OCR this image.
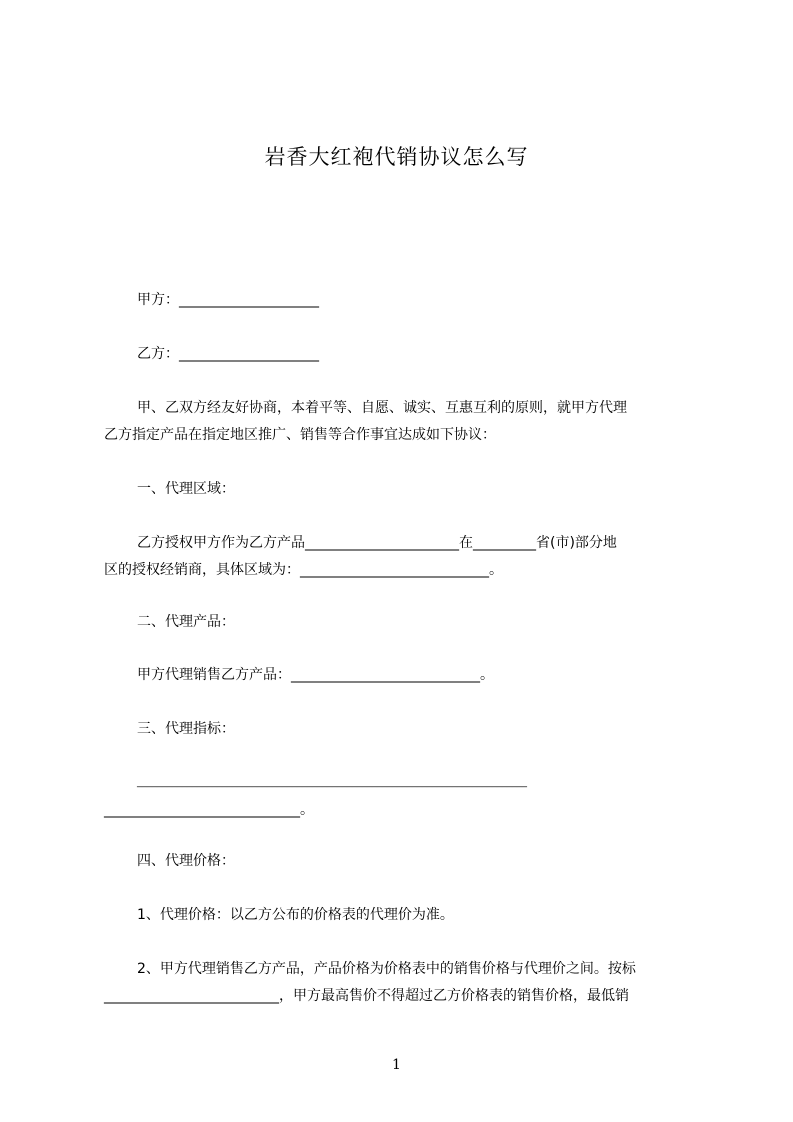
岩香大红袍代销协议怎么写
甲方：____________________
乙方：____________________
甲、乙双方经友好协商，本着平等、自愿、诚实、互惠互利的原则，就甲方代理
乙方指定产品在指定地区推广、销售等合作事宜达成如下协议：
一、代理区域：
乙方授权甲方作为乙方产品______________________在_________省(市)部分地
区的授权经销商，具体区域为：___________________________。
二、代理产品：
甲方代理销售乙方产品：___________________________。
三、代理指标：
______________________________________________________________________________
____________________________。
四、代理价格：
1、代理价格：以乙方公布的价格表的代理价为准。
2、甲方代理销售乙方产品，产品价格为价格表中的销售价格与代理价之间。按标
_________________________，甲方最高售价不得超过乙方价格表的销售价格，最低销
1
